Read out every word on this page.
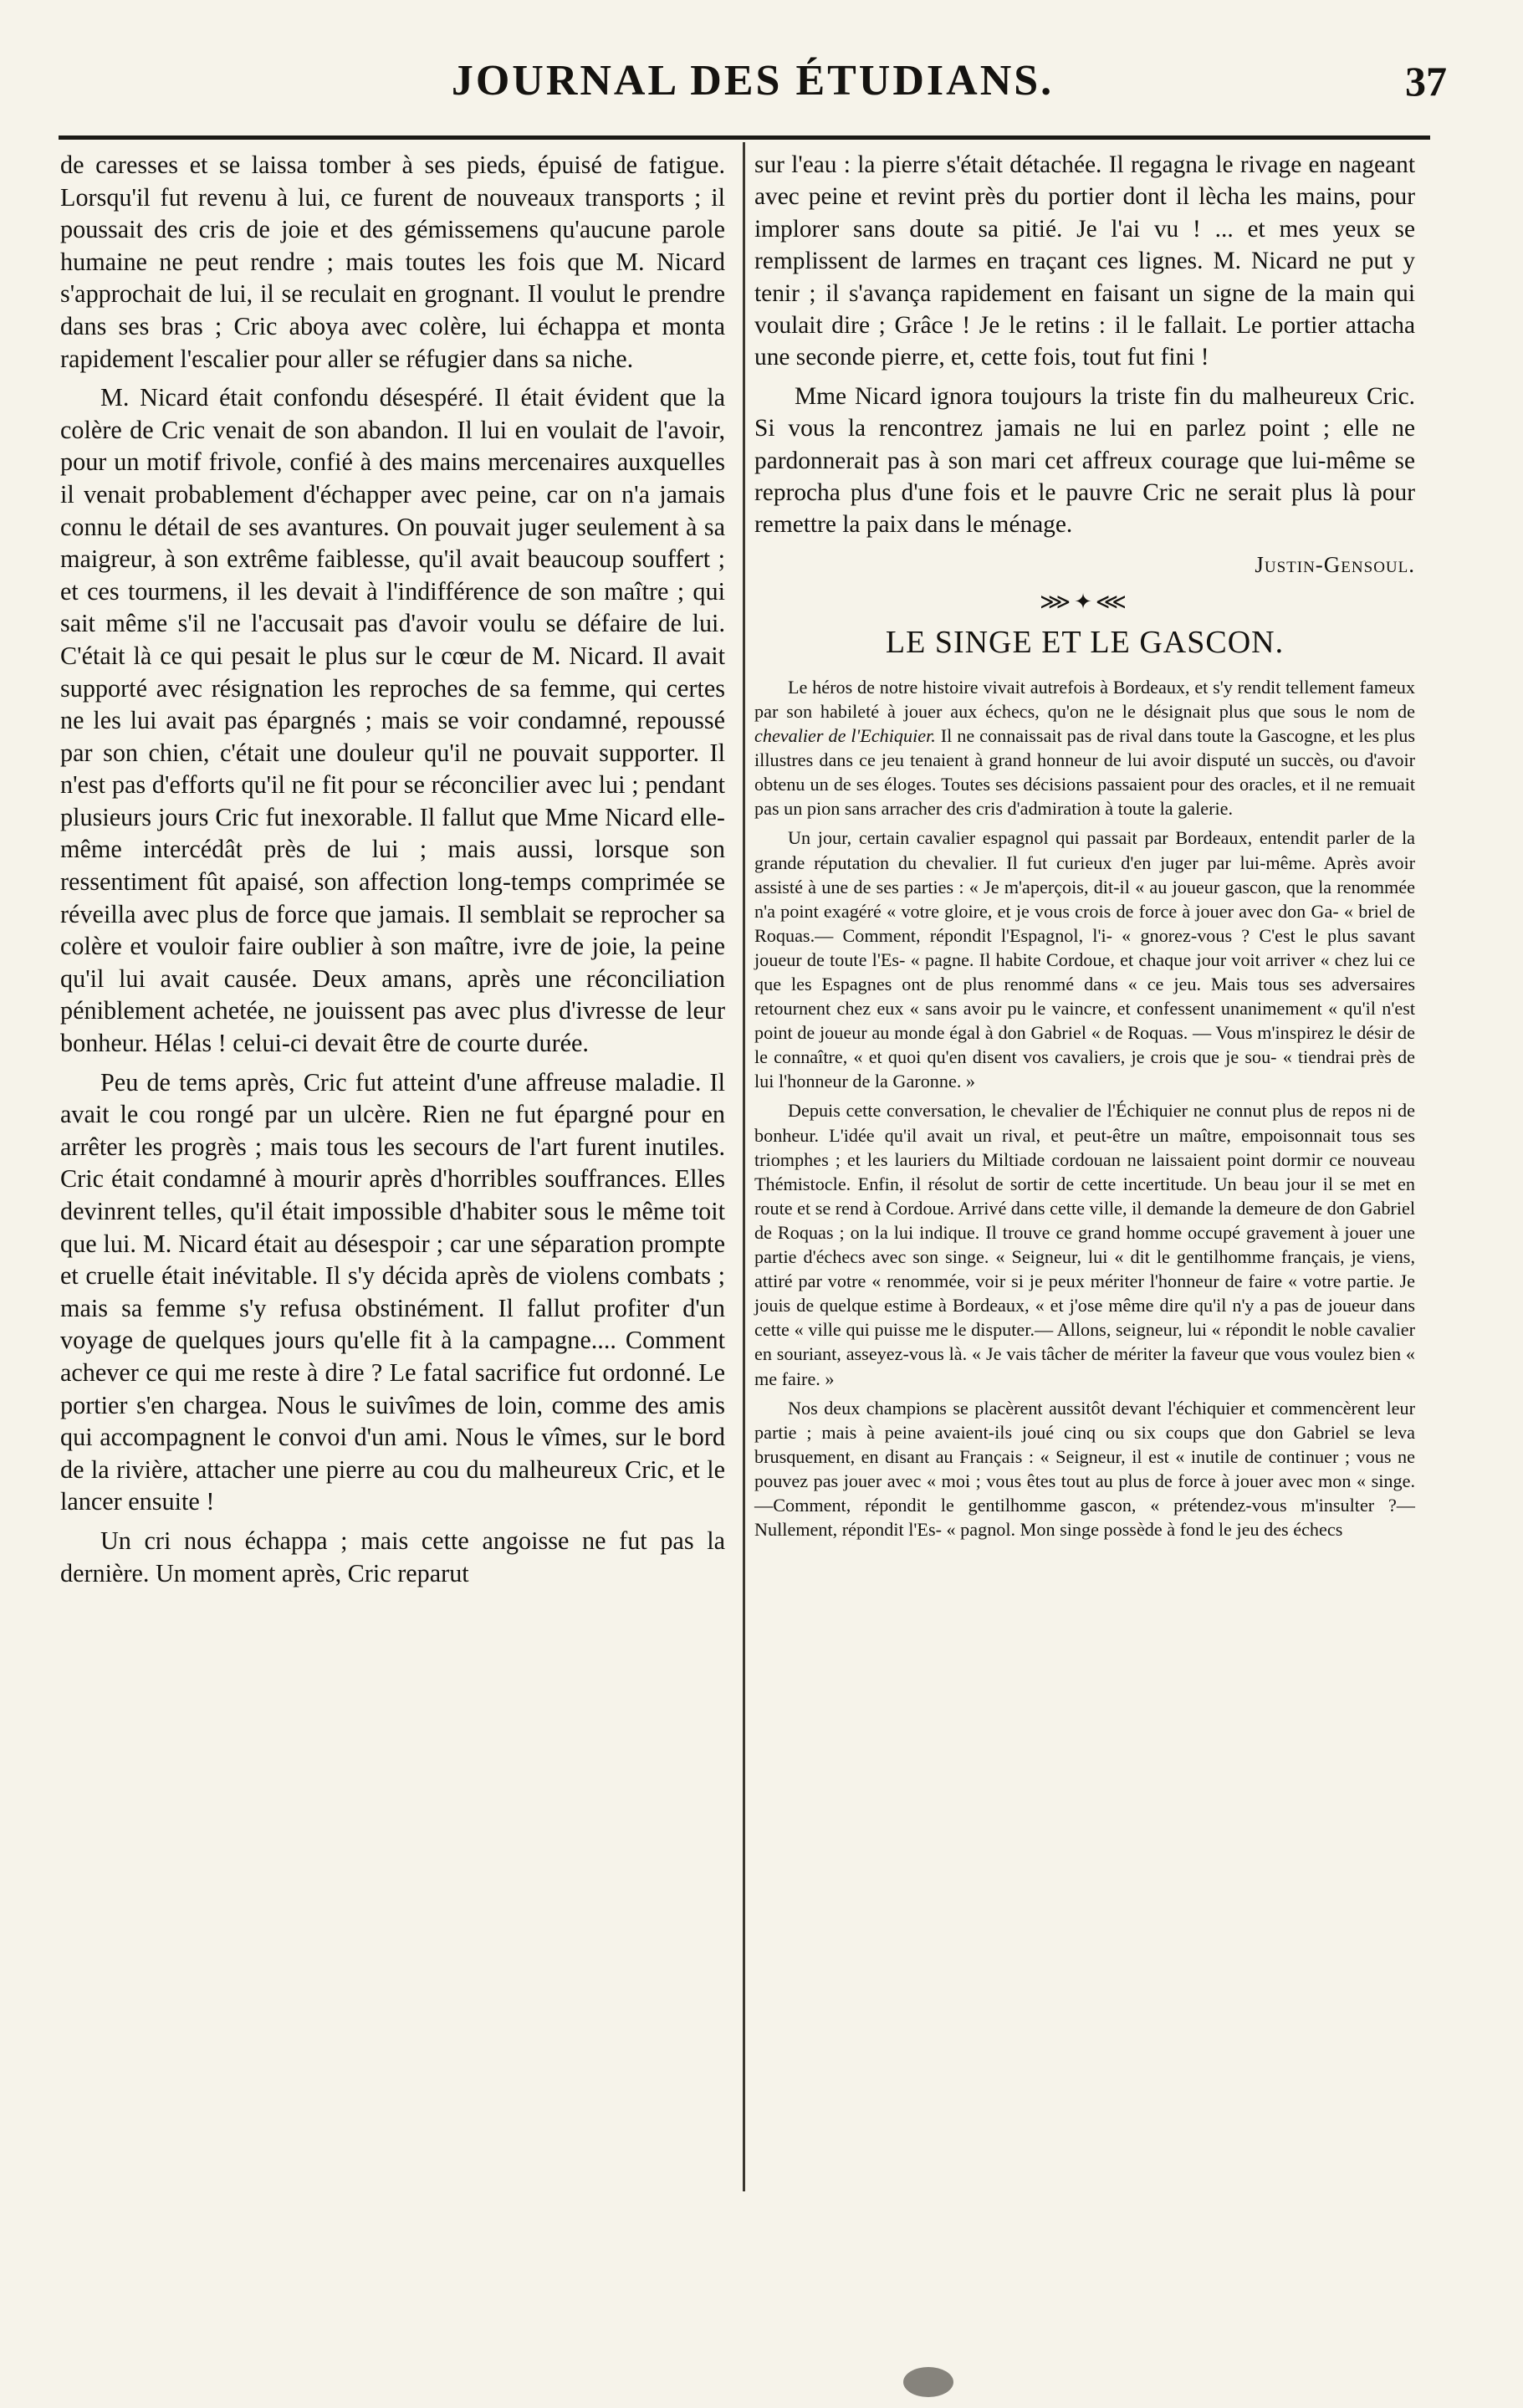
JOURNAL DES ÉTUDIANS.	37

de caresses et se laissa tomber à ses pieds, épuisé de fatigue. Lorsqu'il fut revenu à lui, ce furent de nouveaux transports ; il poussait des cris de joie et des gémissemens qu'aucune parole humaine ne peut rendre ; mais toutes les fois que M. Nicard s'approchait de lui, il se reculait en grognant. Il voulut le prendre dans ses bras ; Cric aboya avec colère, lui échappa et monta rapidement l'escalier pour aller se réfugier dans sa niche.

M. Nicard était confondu désespéré. Il était évident que la colère de Cric venait de son abandon. Il lui en voulait de l'avoir, pour un motif frivole, confié à des mains mercenaires auxquelles il venait probablement d'échapper avec peine, car on n'a jamais connu le détail de ses avantures. On pouvait juger seulement à sa maigreur, à son extrême faiblesse, qu'il avait beaucoup souffert ; et ces tourmens, il les devait à l'indifférence de son maître ; qui sait même s'il ne l'accusait pas d'avoir voulu se défaire de lui. C'était là ce qui pesait le plus sur le cœur de M. Nicard. Il avait supporté avec résignation les reproches de sa femme, qui certes ne les lui avait pas épargnés ; mais se voir condamné, repoussé par son chien, c'était une douleur qu'il ne pouvait supporter. Il n'est pas d'efforts qu'il ne fit pour se réconcilier avec lui ; pendant plusieurs jours Cric fut inexorable. Il fallut que Mme Nicard elle-même intercédât près de lui ; mais aussi, lorsque son ressentiment fût apaisé, son affection long-temps comprimée se réveilla avec plus de force que jamais. Il semblait se reprocher sa colère et vouloir faire oublier à son maître, ivre de joie, la peine qu'il lui avait causée. Deux amans, après une réconciliation péniblement achetée, ne jouissent pas avec plus d'ivresse de leur bonheur. Hélas ! celui-ci devait être de courte durée.

Peu de tems après, Cric fut atteint d'une affreuse maladie. Il avait le cou rongé par un ulcère. Rien ne fut épargné pour en arrêter les progrès ; mais tous les secours de l'art furent inutiles. Cric était condamné à mourir après d'horribles souffrances. Elles devinrent telles, qu'il était impossible d'habiter sous le même toit que lui. M. Nicard était au désespoir ; car une séparation prompte et cruelle était inévitable. Il s'y décida après de violens combats ; mais sa femme s'y refusa obstinément. Il fallut profiter d'un voyage de quelques jours qu'elle fit à la campagne.... Comment achever ce qui me reste à dire ? Le fatal sacrifice fut ordonné. Le portier s'en chargea. Nous le suivîmes de loin, comme des amis qui accompagnent le convoi d'un ami. Nous le vîmes, sur le bord de la rivière, attacher une pierre au cou du malheureux Cric, et le lancer ensuite !

Un cri nous échappa ; mais cette angoisse ne fut pas la dernière. Un moment après, Cric reparut

sur l'eau : la pierre s'était détachée. Il regagna le rivage en nageant avec peine et revint près du portier dont il lècha les mains, pour implorer sans doute sa pitié. Je l'ai vu ! ... et mes yeux se remplissent de larmes en traçant ces lignes. M. Nicard ne put y tenir ; il s'avança rapidement en faisant un signe de la main qui voulait dire ; Grâce ! Je le retins : il le fallait. Le portier attacha une seconde pierre, et, cette fois, tout fut fini !

Mme Nicard ignora toujours la triste fin du malheureux Cric. Si vous la rencontrez jamais ne lui en parlez point ; elle ne pardonnerait pas à son mari cet affreux courage que lui-même se reprocha plus d'une fois et le pauvre Cric ne serait plus là pour remettre la paix dans le ménage.

Justin-Gensoul.
⋙✦⋘
LE SINGE ET LE GASCON.

Le héros de notre histoire vivait autrefois à Bordeaux, et s'y rendit tellement fameux par son habileté à jouer aux échecs, qu'on ne le désignait plus que sous le nom de chevalier de l'Echiquier. Il ne connaissait pas de rival dans toute la Gascogne, et les plus illustres dans ce jeu tenaient à grand honneur de lui avoir disputé un succès, ou d'avoir obtenu un de ses éloges. Toutes ses décisions passaient pour des oracles, et il ne remuait pas un pion sans arracher des cris d'admiration à toute la galerie.

Un jour, certain cavalier espagnol qui passait par Bordeaux, entendit parler de la grande réputation du chevalier. Il fut curieux d'en juger par lui-même. Après avoir assisté à une de ses parties : « Je m'aperçois, dit-il « au joueur gascon, que la renommée n'a point exagéré « votre gloire, et je vous crois de force à jouer avec don Ga- « briel de Roquas.— Comment, répondit l'Espagnol, l'i- « gnorez-vous ? C'est le plus savant joueur de toute l'Es- « pagne. Il habite Cordoue, et chaque jour voit arriver « chez lui ce que les Espagnes ont de plus renommé dans « ce jeu. Mais tous ses adversaires retournent chez eux « sans avoir pu le vaincre, et confessent unanimement « qu'il n'est point de joueur au monde égal à don Gabriel « de Roquas. — Vous m'inspirez le désir de le connaître, « et quoi qu'en disent vos cavaliers, je crois que je sou- « tiendrai près de lui l'honneur de la Garonne. »

Depuis cette conversation, le chevalier de l'Échiquier ne connut plus de repos ni de bonheur. L'idée qu'il avait un rival, et peut-être un maître, empoisonnait tous ses triomphes ; et les lauriers du Miltiade cordouan ne laissaient point dormir ce nouveau Thémistocle. Enfin, il résolut de sortir de cette incertitude. Un beau jour il se met en route et se rend à Cordoue. Arrivé dans cette ville, il demande la demeure de don Gabriel de Roquas ; on la lui indique. Il trouve ce grand homme occupé gravement à jouer une partie d'échecs avec son singe. « Seigneur, lui « dit le gentilhomme français, je viens, attiré par votre « renommée, voir si je peux mériter l'honneur de faire « votre partie. Je jouis de quelque estime à Bordeaux, « et j'ose même dire qu'il n'y a pas de joueur dans cette « ville qui puisse me le disputer.— Allons, seigneur, lui « répondit le noble cavalier en souriant, asseyez-vous là. « Je vais tâcher de mériter la faveur que vous voulez bien « me faire. »

Nos deux champions se placèrent aussitôt devant l'échiquier et commencèrent leur partie ; mais à peine avaient-ils joué cinq ou six coups que don Gabriel se leva brusquement, en disant au Français : « Seigneur, il est « inutile de continuer ; vous ne pouvez pas jouer avec « moi ; vous êtes tout au plus de force à jouer avec mon « singe.—Comment, répondit le gentilhomme gascon, « prétendez-vous m'insulter ?— Nullement, répondit l'Es- « pagnol. Mon singe possède à fond le jeu des échecs
